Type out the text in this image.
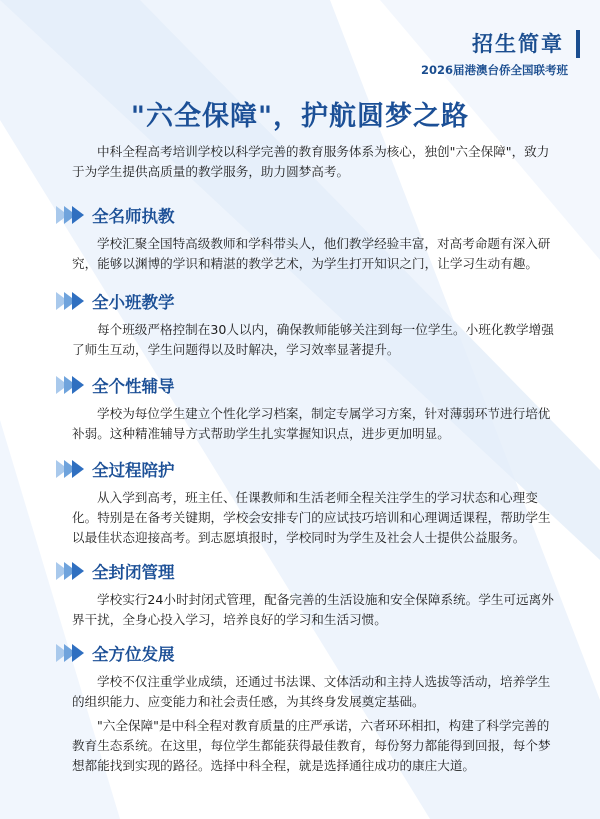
招生简章
2026届港澳台侨全国联考班
"六全保障"，护航圆梦之路
中科全程高考培训学校以科学完善的教育服务体系为核心，独创"六全保障"，致力于为学生提供高质量的教学服务，助力圆梦高考。
全名师执教
学校汇聚全国特高级教师和学科带头人，他们教学经验丰富，对高考命题有深入研究，能够以渊博的学识和精湛的教学艺术，为学生打开知识之门，让学习生动有趣。
全小班教学
每个班级严格控制在30人以内，确保教师能够关注到每一位学生。小班化教学增强了师生互动，学生问题得以及时解决，学习效率显著提升。
全个性辅导
学校为每位学生建立个性化学习档案，制定专属学习方案，针对薄弱环节进行培优补弱。这种精准辅导方式帮助学生扎实掌握知识点，进步更加明显。
全过程陪护
从入学到高考，班主任、任课教师和生活老师全程关注学生的学习状态和心理变化。特别是在备考关键期，学校会安排专门的应试技巧培训和心理调适课程，帮助学生以最佳状态迎接高考。到志愿填报时，学校同时为学生及社会人士提供公益服务。
全封闭管理
学校实行24小时封闭式管理，配备完善的生活设施和安全保障系统。学生可远离外界干扰，全身心投入学习，培养良好的学习和生活习惯。
全方位发展
学校不仅注重学业成绩，还通过书法课、文体活动和主持人选拔等活动，培养学生的组织能力、应变能力和社会责任感，为其终身发展奠定基础。
"六全保障"是中科全程对教育质量的庄严承诺，六者环环相扣，构建了科学完善的教育生态系统。在这里，每位学生都能获得最佳教育，每份努力都能得到回报，每个梦想都能找到实现的路径。选择中科全程，就是选择通往成功的康庄大道。
